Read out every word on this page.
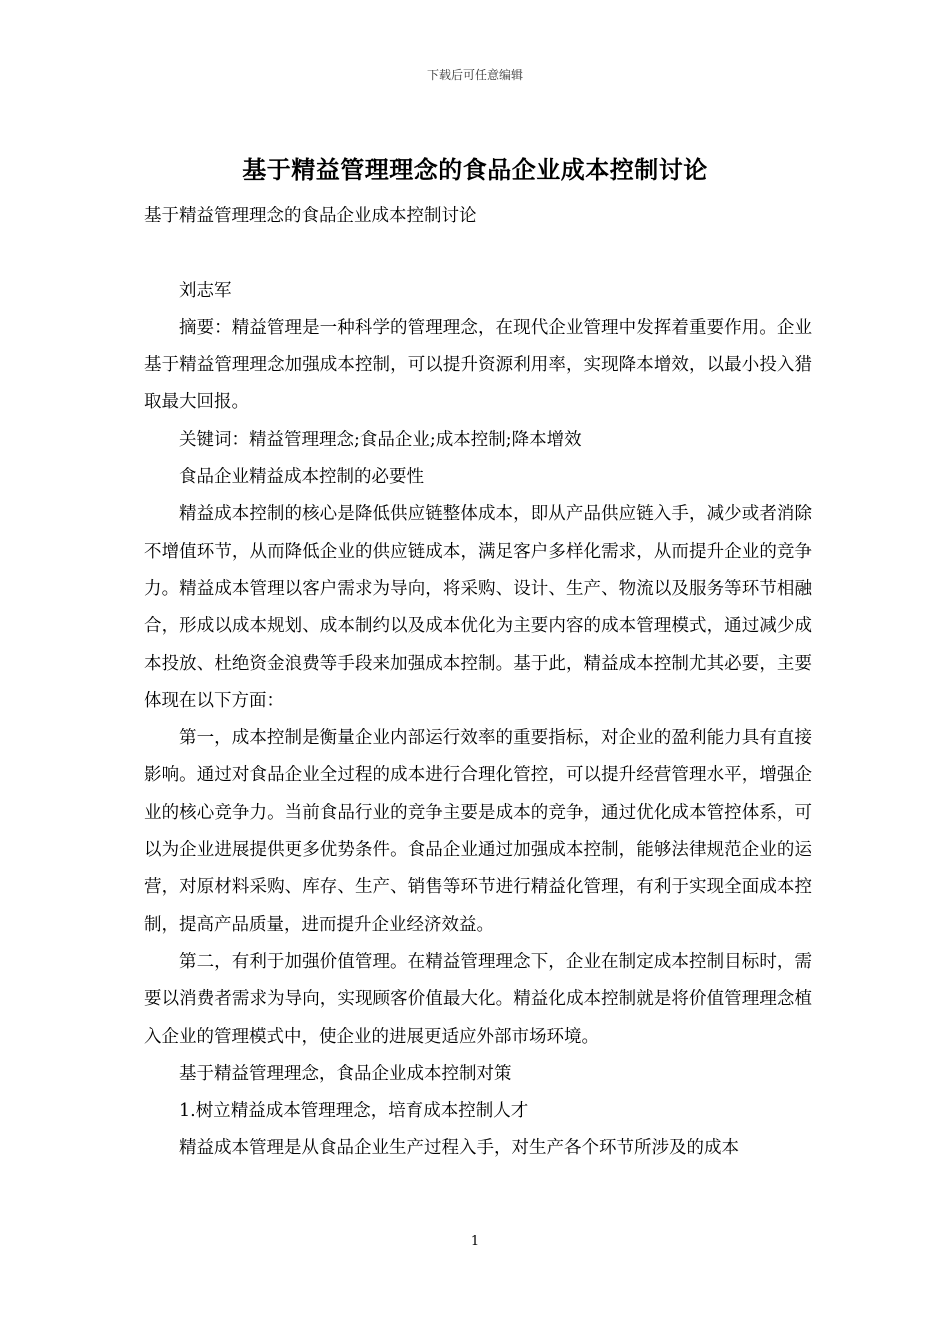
下载后可任意编辑
基于精益管理理念的食品企业成本控制讨论

基于精益管理理念的食品企业成本控制讨论

刘志军

摘要：精益管理是一种科学的管理理念，在现代企业管理中发挥着重要作用。企业基于精益管理理念加强成本控制，可以提升资源利用率，实现降本增效，以最小投入猎取最大回报。

关键词：精益管理理念;食品企业;成本控制;降本增效

食品企业精益成本控制的必要性

精益成本控制的核心是降低供应链整体成本，即从产品供应链入手，减少或者消除不增值环节，从而降低企业的供应链成本，满足客户多样化需求，从而提升企业的竞争力。精益成本管理以客户需求为导向，将采购、设计、生产、物流以及服务等环节相融合，形成以成本规划、成本制约以及成本优化为主要内容的成本管理模式，通过减少成本投放、杜绝资金浪费等手段来加强成本控制。基于此，精益成本控制尤其必要，主要体现在以下方面：

第一，成本控制是衡量企业内部运行效率的重要指标，对企业的盈利能力具有直接影响。通过对食品企业全过程的成本进行合理化管控，可以提升经营管理水平，增强企业的核心竞争力。当前食品行业的竞争主要是成本的竞争，通过优化成本管控体系，可以为企业进展提供更多优势条件。食品企业通过加强成本控制，能够法律规范企业的运营，对原材料采购、库存、生产、销售等环节进行精益化管理，有利于实现全面成本控制，提高产品质量，进而提升企业经济效益。

第二，有利于加强价值管理。在精益管理理念下，企业在制定成本控制目标时，需要以消费者需求为导向，实现顾客价值最大化。精益化成本控制就是将价值管理理念植入企业的管理模式中，使企业的进展更适应外部市场环境。

基于精益管理理念，食品企业成本控制对策

1.树立精益成本管理理念，培育成本控制人才

精益成本管理是从食品企业生产过程入手，对生产各个环节所涉及的成本

1
